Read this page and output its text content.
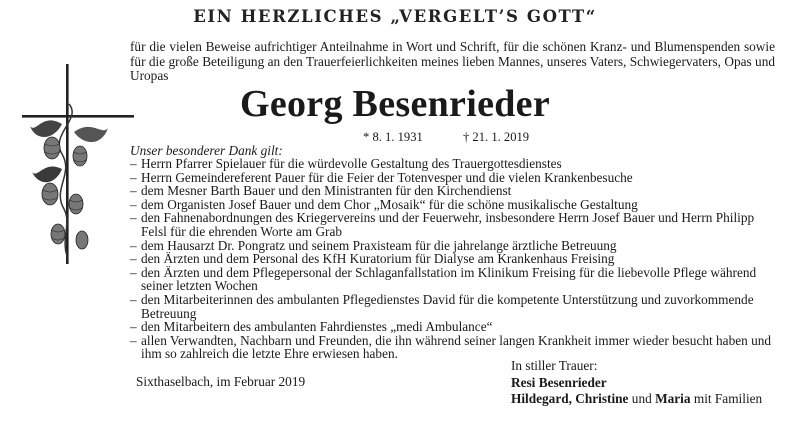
EIN HERZLICHES „VERGELT’S GOTT“
für die vielen Beweise aufrichtiger Anteilnahme in Wort und Schrift, für die schönen Kranz- und Blumenspenden sowie für die große Beteiligung an den Trauerfeierlichkeiten meines lieben Mannes, unseres Vaters, Schwiegervaters, Opas und Uropas
Georg Besenrieder
* 8. 1. 1931	† 21. 1. 2019
Unser besonderer Dank gilt:
– Herrn Pfarrer Spielauer für die würdevolle Gestaltung des Trauergottesdienstes
– Herrn Gemeindereferent Pauer für die Feier der Totenvesper und die vielen Krankenbesuche
– dem Mesner Barth Bauer und den Ministranten für den Kirchendienst
– dem Organisten Josef Bauer und dem Chor „Mosaik“ für die schöne musikalische Gestaltung
– den Fahnenabordnungen des Kriegervereins und der Feuerwehr, insbesondere Herrn Josef Bauer und Herrn Philipp Felsl für die ehrenden Worte am Grab
– dem Hausarzt Dr. Pongratz und seinem Praxisteam für die jahrelange ärztliche Betreuung
– den Ärzten und dem Personal des KfH Kuratorium für Dialyse am Krankenhaus Freising
– den Ärzten und dem Pflegepersonal der Schlaganfallstation im Klinikum Freising für die liebevolle Pflege während seiner letzten Wochen
– den Mitarbeiterinnen des ambulanten Pflegedienstes David für die kompetente Unterstützung und zuvorkommende Betreuung
– den Mitarbeitern des ambulanten Fahrdienstes „medi Ambulance“
– allen Verwandten, Nachbarn und Freunden, die ihn während seiner langen Krankheit immer wieder besucht haben und ihm so zahlreich die letzte Ehre erwiesen haben.
Sixthaselbach, im Februar 2019
In stiller Trauer:
Resi Besenrieder
Hildegard, Christine und Maria mit Familien
